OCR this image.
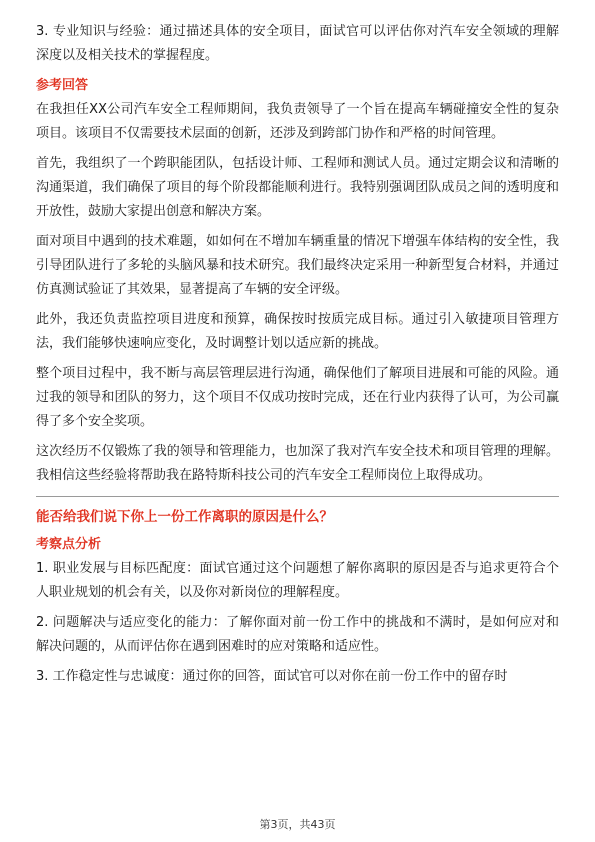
3. 专业知识与经验：通过描述具体的安全项目，面试官可以评估你对汽车安全领域的理解深度以及相关技术的掌握程度。

参考回答

在我担任XX公司汽车安全工程师期间，我负责领导了一个旨在提高车辆碰撞安全性的复杂项目。该项目不仅需要技术层面的创新，还涉及到跨部门协作和严格的时间管理。

首先，我组织了一个跨职能团队，包括设计师、工程师和测试人员。通过定期会议和清晰的沟通渠道，我们确保了项目的每个阶段都能顺利进行。我特别强调团队成员之间的透明度和开放性，鼓励大家提出创意和解决方案。

面对项目中遇到的技术难题，如如何在不增加车辆重量的情况下增强车体结构的安全性，我引导团队进行了多轮的头脑风暴和技术研究。我们最终决定采用一种新型复合材料，并通过仿真测试验证了其效果，显著提高了车辆的安全评级。

此外，我还负责监控项目进度和预算，确保按时按质完成目标。通过引入敏捷项目管理方法，我们能够快速响应变化，及时调整计划以适应新的挑战。

整个项目过程中，我不断与高层管理层进行沟通，确保他们了解项目进展和可能的风险。通过我的领导和团队的努力，这个项目不仅成功按时完成，还在行业内获得了认可，为公司赢得了多个安全奖项。

这次经历不仅锻炼了我的领导和管理能力，也加深了我对汽车安全技术和项目管理的理解。我相信这些经验将帮助我在路特斯科技公司的汽车安全工程师岗位上取得成功。

能否给我们说下你上一份工作离职的原因是什么？
考察点分析

1. 职业发展与目标匹配度：面试官通过这个问题想了解你离职的原因是否与追求更符合个人职业规划的机会有关，以及你对新岗位的理解程度。

2. 问题解决与适应变化的能力：了解你面对前一份工作中的挑战和不满时，是如何应对和解决问题的，从而评估你在遇到困难时的应对策略和适应性。

3. 工作稳定性与忠诚度：通过你的回答，面试官可以对你在前一份工作中的留存时

第3页，共43页
